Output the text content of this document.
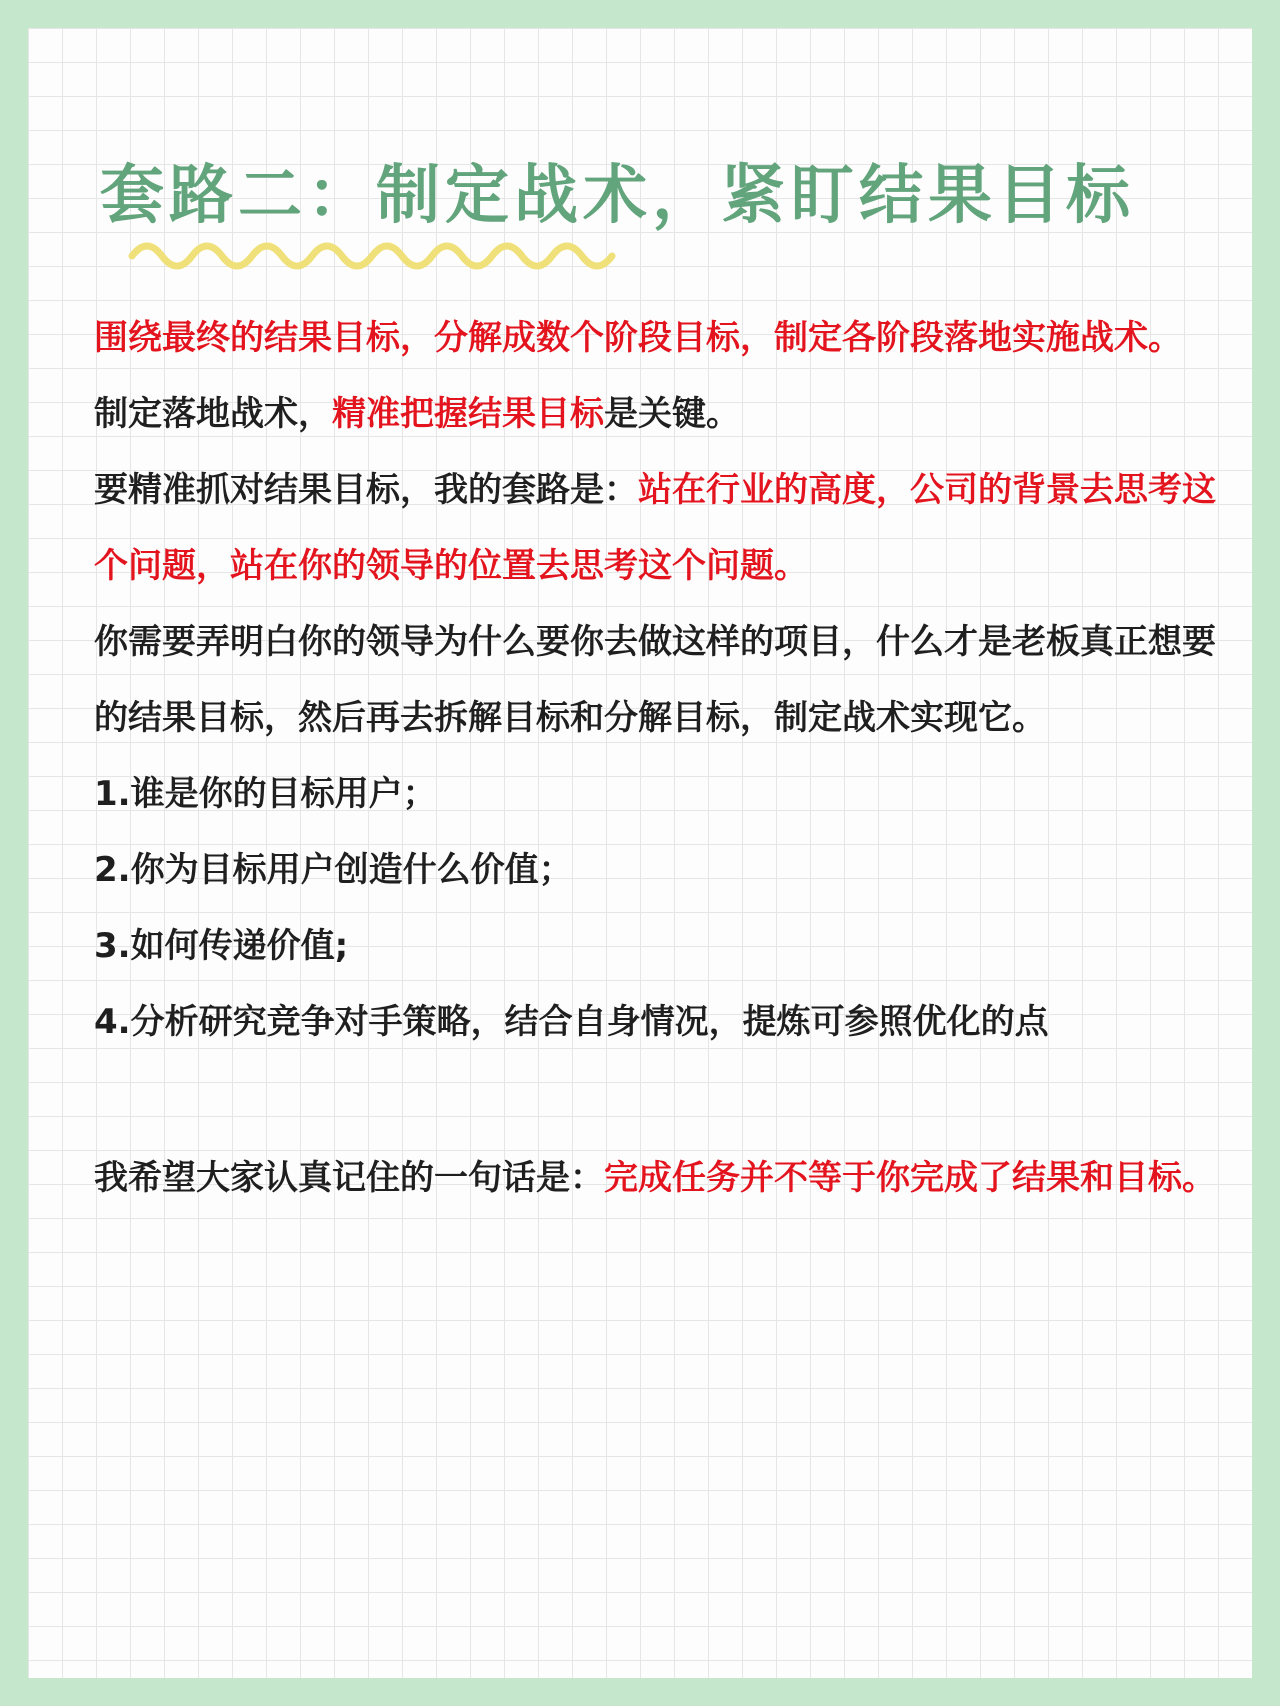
套路二：制定战术，紧盯结果目标

围绕最终的结果目标，分解成数个阶段目标，制定各阶段落地实施战术。

制定落地战术，精准把握结果目标是关键。

要精准抓对结果目标，我的套路是：站在行业的高度，公司的背景去思考这个问题，站在你的领导的位置去思考这个问题。

你需要弄明白你的领导为什么要你去做这样的项目，什么才是老板真正想要的结果目标，然后再去拆解目标和分解目标，制定战术实现它。

1.谁是你的目标用户；

2.你为目标用户创造什么价值；

3.如何传递价值;

4.分析研究竞争对手策略，结合自身情况，提炼可参照优化的点

我希望大家认真记住的一句话是：完成任务并不等于你完成了结果和目标。
